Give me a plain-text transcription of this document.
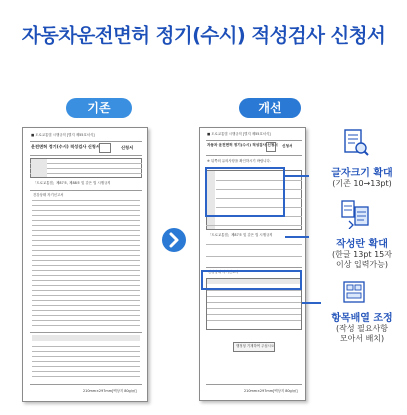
자동차운전면허 정기(수시) 적성검사 신청서
기존	개선
■ 도로교통법 시행규칙 [별지 제55호서식]
운전면허 정기(수시) 적성검사 신청서	신청서
「도로교통법」제87조, 제88조 및 같은 법 시행규칙
건강상태 자기신고서
210mm×297mm[백상지 80g/㎡]
■ 도로교통법 시행규칙 [별지 제55호서식]
자동차 운전면허 정기(수시) 적성검사 신청서 신청서
※ 뒤쪽의 유의사항을 확인하시기 바랍니다.
「도로교통법」제87조 및 같은 법 시행규칙
건강상태 자기신고서
행정청 기재하여 주십시오
210mm×297mm[백상지 80g/㎡]
글자크기 확대
(기존 10→13pt)
작성란 확대
(한글 13pt 15자
이상 입력가능)
항목배열 조정
(작성 필요사항
모아서 배치)
